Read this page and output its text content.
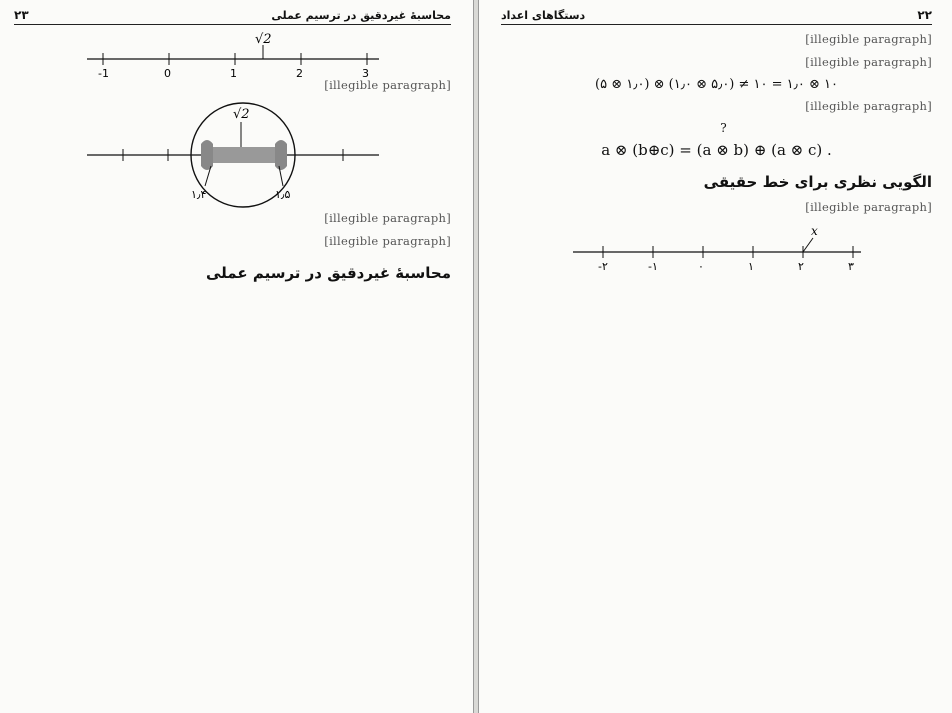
محاسبهٔ غیردقیق در ترسیم عملی
۲۳
-1	0	1	2	3
√2

[illegible paragraph]

√2
۱٫۴	۱٫۵

[illegible paragraph]

[illegible paragraph]

محاسبهٔ غیردقیق در ترسیم عملی
۲۲
دستگاهای اعداد

[illegible paragraph]

[illegible paragraph]

(۵ ⊗ ۱٫۰) ⊗ (۱٫۰ ⊗ ۵٫۰) ≠ ۱۰ = ۱٫۰ ⊗ ۱۰

[illegible paragraph]

?
a ⊗ (b⊕c) = (a ⊗ b) ⊕ (a ⊗ c) .
الگویی نظری برای خط حقیقی

[illegible paragraph]

-۲	-۱	۰	۱	۲	۳
x
